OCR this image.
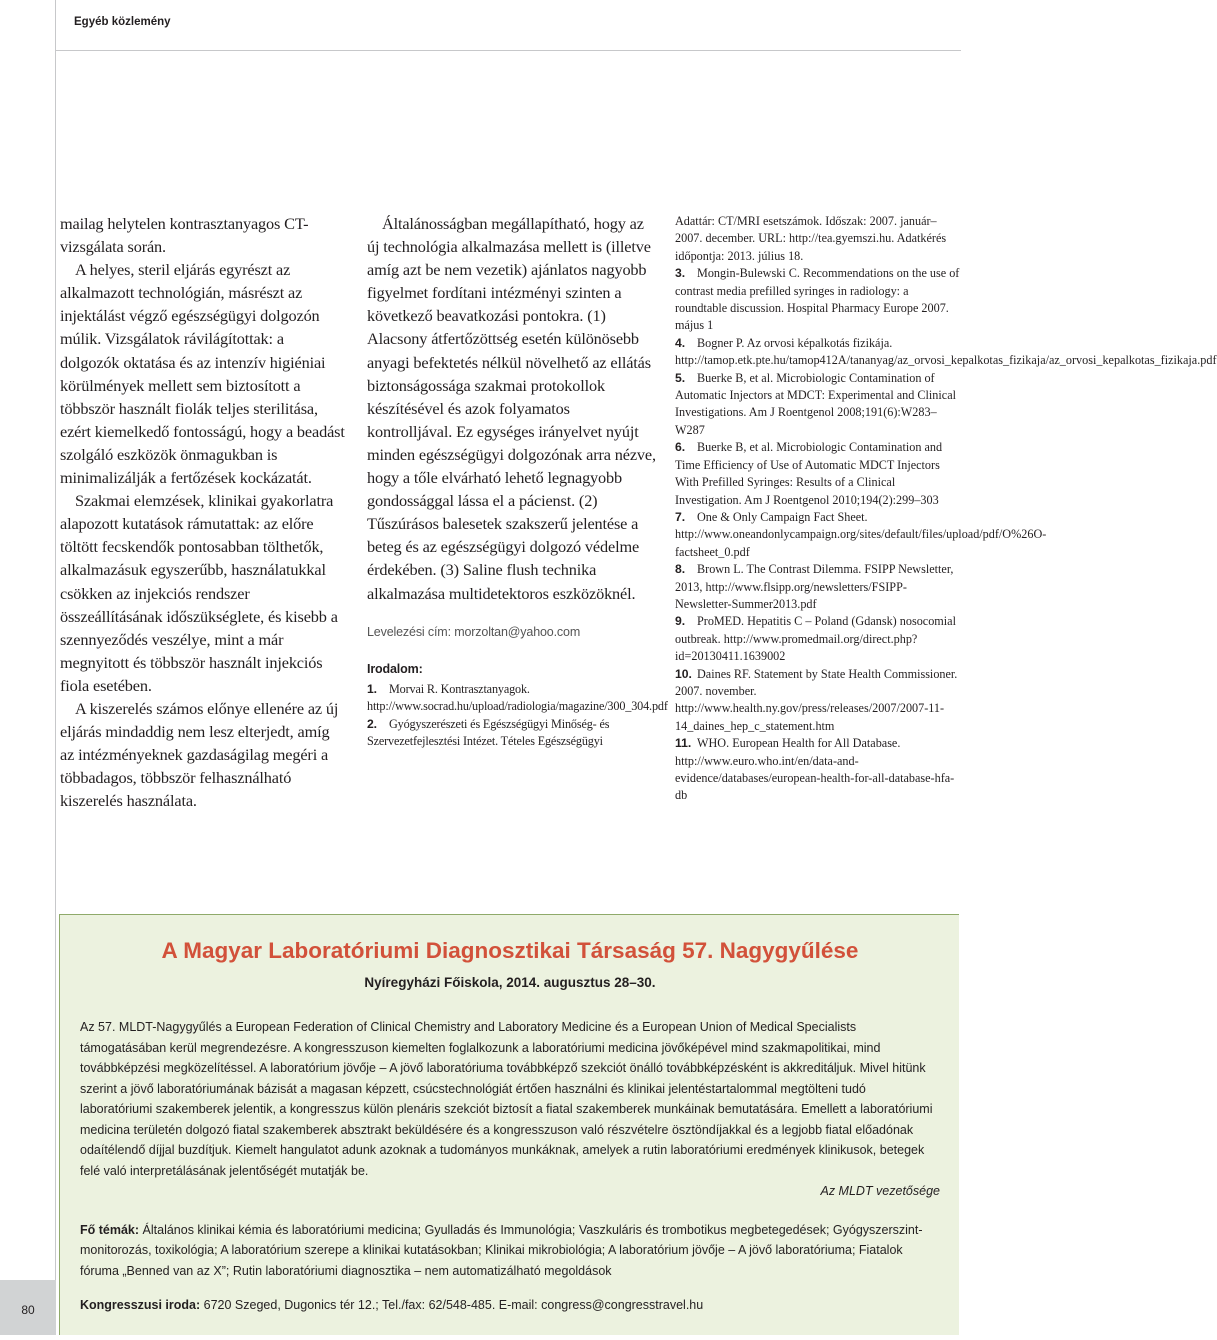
Egyéb közlemény

mailag helytelen kontrasztanyagos CT-vizsgálata során.

A helyes, steril eljárás egyrészt az alkalmazott technológián, másrészt az injektálást végző egészségügyi dolgozón múlik. Vizsgálatok rávilágítottak: a dolgozók oktatása és az intenzív higiéniai körülmények mellett sem biztosított a többször használt fiolák teljes sterilitása, ezért kiemelkedő fontosságú, hogy a beadást szolgáló eszközök önmagukban is minimalizálják a fertőzések kockázatát.

Szakmai elemzések, klinikai gyakorlatra alapozott kutatások rámutattak: az előre töltött fecskendők pontosabban tölthetők, alkalmazásuk egyszerűbb, használatukkal csökken az injekciós rendszer összeállításának időszükséglete, és kisebb a szennyeződés veszélye, mint a már megnyitott és többször használt injekciós fiola esetében.

A kiszerelés számos előnye ellenére az új eljárás mindaddig nem lesz elterjedt, amíg az intézményeknek gazdaságilag megéri a többadagos, többször felhasználható kiszerelés használata.

Általánosságban megállapítható, hogy az új technológia alkalmazása mellett is (illetve amíg azt be nem vezetik) ajánlatos nagyobb figyelmet fordítani intézményi szinten a következő beavatkozási pontokra. (1) Alacsony átfertőzöttség esetén különösebb anyagi befektetés nélkül növelhető az ellátás biztonságossága szakmai protokollok készítésével és azok folyamatos kontrolljával. Ez egységes irányelvet nyújt minden egészségügyi dolgozónak arra nézve, hogy a tőle elvárható lehető legnagyobb gondossággal lássa el a pácienst. (2) Tűszúrásos balesetek szakszerű jelentése a beteg és az egészségügyi dolgozó védelme érdekében. (3) Saline flush technika alkalmazása multidetektoros eszközöknél.

Levelezési cím: morzoltan@yahoo.com

Irodalom:

1. Morvai R. Kontrasztanyagok. http://www.socrad.hu/upload/radiologia/magazine/300_304.pdf

2. Gyógyszerészeti és Egészségügyi Minőség- és Szervezetfejlesztési Intézet. Tételes Egészségügyi

Adattár: CT/MRI esetszámok. Időszak: 2007. január–2007. december. URL: http://tea.gyemszi.hu. Adatkérés időpontja: 2013. július 18.

3. Mongin-Bulewski C. Recommendations on the use of contrast media prefilled syringes in radiology: a roundtable discussion. Hospital Pharmacy Europe 2007. május 1

4. Bogner P. Az orvosi képalkotás fizikája. http://tamop.etk.pte.hu/tamop412A/tananyag/az_orvosi_kepalkotas_fizikaja/az_orvosi_kepalkotas_fizikaja.pdf

5. Buerke B, et al. Microbiologic Contamination of Automatic Injectors at MDCT: Experimental and Clinical Investigations. Am J Roentgenol 2008;191(6):W283–W287

6. Buerke B, et al. Microbiologic Contamination and Time Efficiency of Use of Automatic MDCT Injectors With Prefilled Syringes: Results of a Clinical Investigation. Am J Roentgenol 2010;194(2):299–303

7. One & Only Campaign Fact Sheet. http://www.oneandonlycampaign.org/sites/default/files/upload/pdf/O%26O-factsheet_0.pdf

8. Brown L. The Contrast Dilemma. FSIPP Newsletter, 2013, http://www.flsipp.org/newsletters/FSIPP-Newsletter-Summer2013.pdf

9. ProMED. Hepatitis C – Poland (Gdansk) nosocomial outbreak. http://www.promedmail.org/direct.php?id=20130411.1639002

10. Daines RF. Statement by State Health Commissioner. 2007. november. http://www.health.ny.gov/press/releases/2007/2007-11-14_daines_hep_c_statement.htm

11. WHO. European Health for All Database. http://www.euro.who.int/en/data-and-evidence/databases/european-health-for-all-database-hfa-db

A Magyar Laboratóriumi Diagnosztikai Társaság 57. Nagygyűlése
Nyíregyházi Főiskola, 2014. augusztus 28–30.

Az 57. MLDT-Nagygyűlés a European Federation of Clinical Chemistry and Laboratory Medicine és a European Union of Medical Specialists támogatásában kerül megrendezésre. A kongresszuson kiemelten foglalkozunk a laboratóriumi medicina jövőképével mind szakmapolitikai, mind továbbképzési megközelítéssel. A laboratórium jövője – A jövő laboratóriuma továbbképző szekciót önálló továbbképzésként is akkreditáljuk. Mivel hitünk szerint a jövő laboratóriumának bázisát a magasan képzett, csúcstechnológiát értően használni és klinikai jelentéstartalommal megtölteni tudó laboratóriumi szakemberek jelentik, a kongresszus külön plenáris szekciót biztosít a fiatal szakemberek munkáinak bemutatására. Emellett a laboratóriumi medicina területén dolgozó fiatal szakemberek absztrakt beküldésére és a kongresszuson való részvételre ösztöndíjakkal és a legjobb fiatal előadónak odaítélendő díjjal buzdítjuk. Kiemelt hangulatot adunk azoknak a tudományos munkáknak, amelyek a rutin laboratóriumi eredmények klinikusok, betegek felé való interpretálásának jelentőségét mutatják be.

Az MLDT vezetősége

Fő témák: Általános klinikai kémia és laboratóriumi medicina; Gyulladás és Immunológia; Vaszkuláris és trombotikus megbetegedések; Gyógyszerszint-monitorozás, toxikológia; A laboratórium szerepe a klinikai kutatásokban; Klinikai mikrobiológia; A laboratórium jövője – A jövő laboratóriuma; Fiatalok fóruma „Benned van az X”; Rutin laboratóriumi diagnosztika – nem automatizálható megoldások

Kongresszusi iroda: 6720 Szeged, Dugonics tér 12.; Tel./fax: 62/548-485. E-mail: congress@congresstravel.hu

80
